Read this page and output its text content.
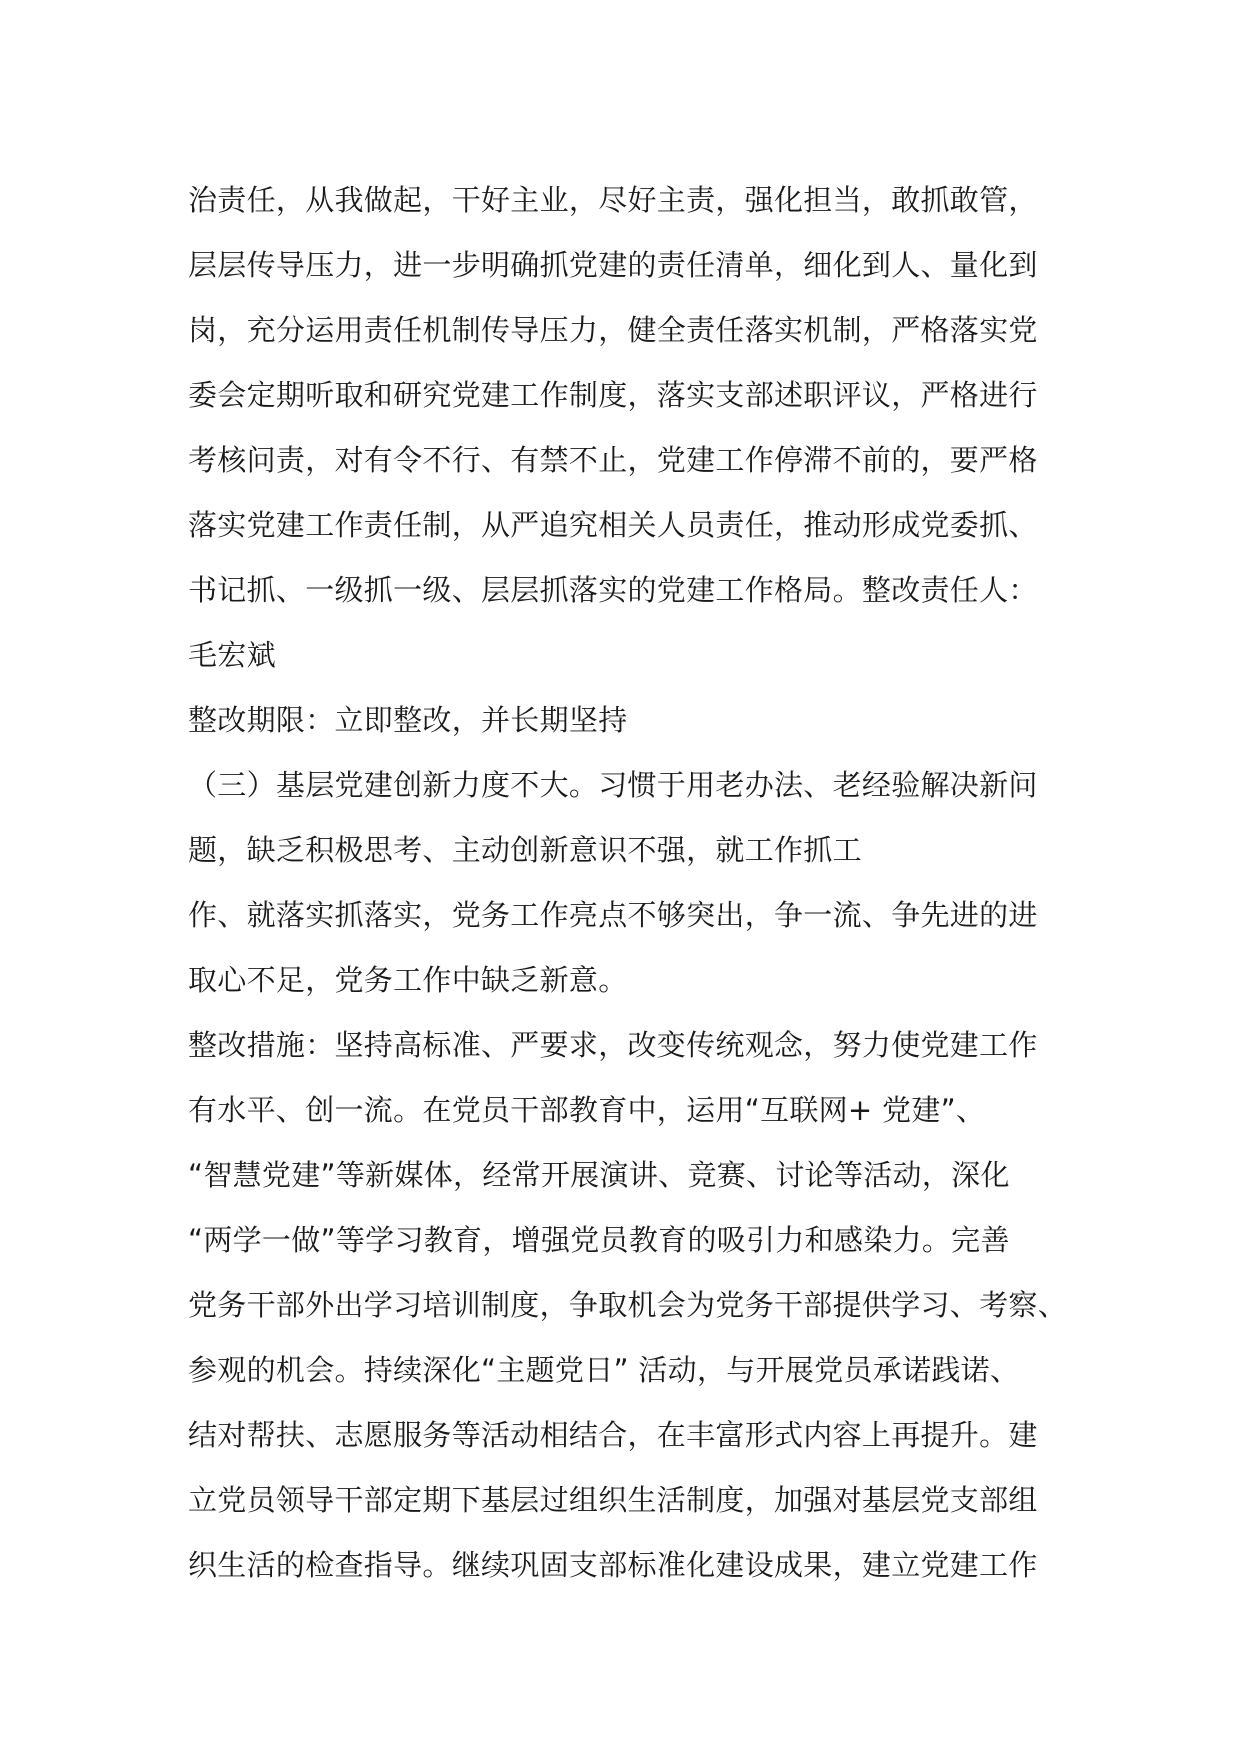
治责任，从我做起，干好主业，尽好主责，强化担当，敢抓敢管，
层层传导压力，进一步明确抓党建的责任清单，细化到人、量化到
岗，充分运用责任机制传导压力，健全责任落实机制，严格落实党
委会定期听取和研究党建工作制度，落实支部述职评议，严格进行
考核问责，对有令不行、有禁不止，党建工作停滞不前的，要严格
落实党建工作责任制，从严追究相关人员责任，推动形成党委抓、
书记抓、一级抓一级、层层抓落实的党建工作格局。整改责任人：
毛宏斌
整改期限：立即整改，并长期坚持
（三）基层党建创新力度不大。习惯于用老办法、老经验解决新问
题，缺乏积极思考、主动创新意识不强，就工作抓工
作、就落实抓落实，党务工作亮点不够突出，争一流、争先进的进
取心不足，党务工作中缺乏新意。
整改措施：坚持高标准、严要求，改变传统观念，努力使党建工作
有水平、创一流。在党员干部教育中，运用“互联网+ 党建”、
“智慧党建”等新媒体，经常开展演讲、竞赛、讨论等活动，深化
“两学一做”等学习教育，增强党员教育的吸引力和感染力。完善
党务干部外出学习培训制度，争取机会为党务干部提供学习、考察、
参观的机会。持续深化“主题党日” 活动，与开展党员承诺践诺、
结对帮扶、志愿服务等活动相结合，在丰富形式内容上再提升。建
立党员领导干部定期下基层过组织生活制度，加强对基层党支部组
织生活的检查指导。继续巩固支部标准化建设成果，建立党建工作
